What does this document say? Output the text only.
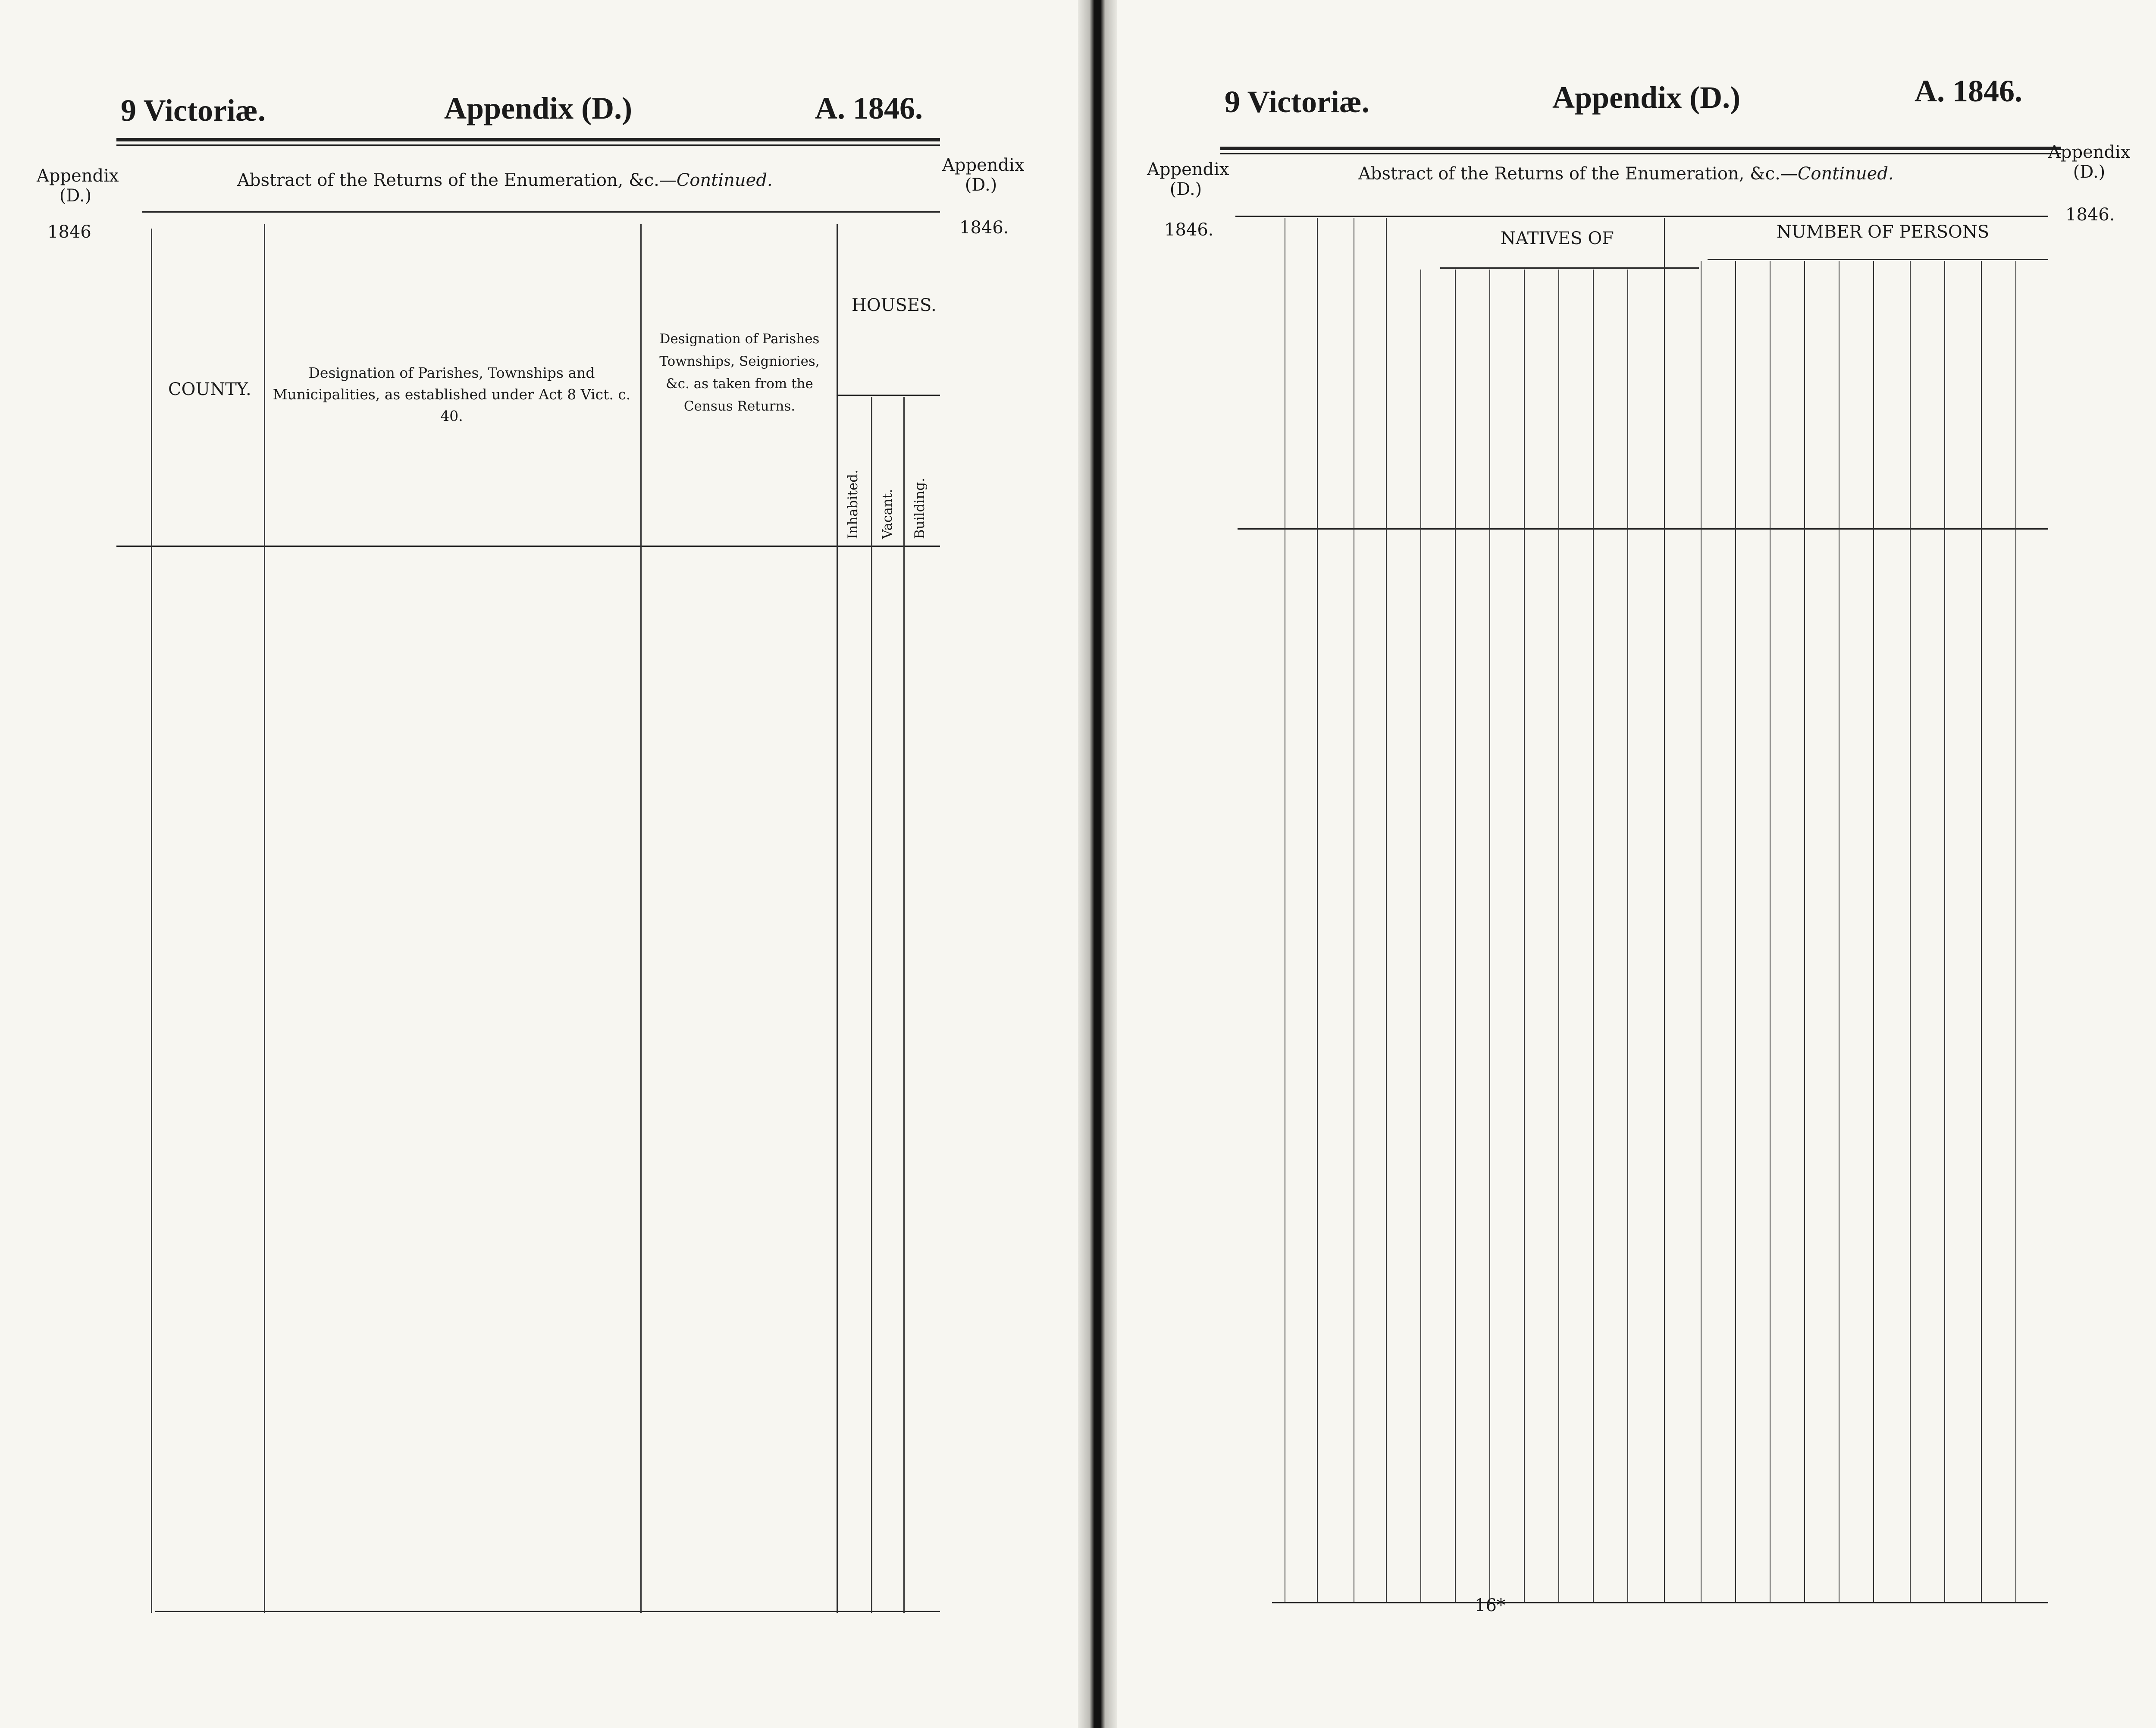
9 Victoriæ.	Appendix (D.)	A. 1846.
Appendix
(D.)
1846
Appendix
(D.)
1846.
Abstract of the Returns of the Enumeration, &c.—Continued.
COUNTY.
Designation of Parishes, Townships and Municipalities, as established under Act 8 Vict. c. 40.
Designation of Parishes Townships, Seigniories, &c. as taken from the Census Returns.
HOUSES.
Inhabited. Vacant. Building.
9 Victoriæ.	Appendix (D.)	A. 1846.
Appendix
(D.)
1846.
Appendix
(D.)
1846.
Abstract of the Returns of the Enumeration, &c.—Continued.
NATIVES OF	NUMBER OF PERSONS
16*
